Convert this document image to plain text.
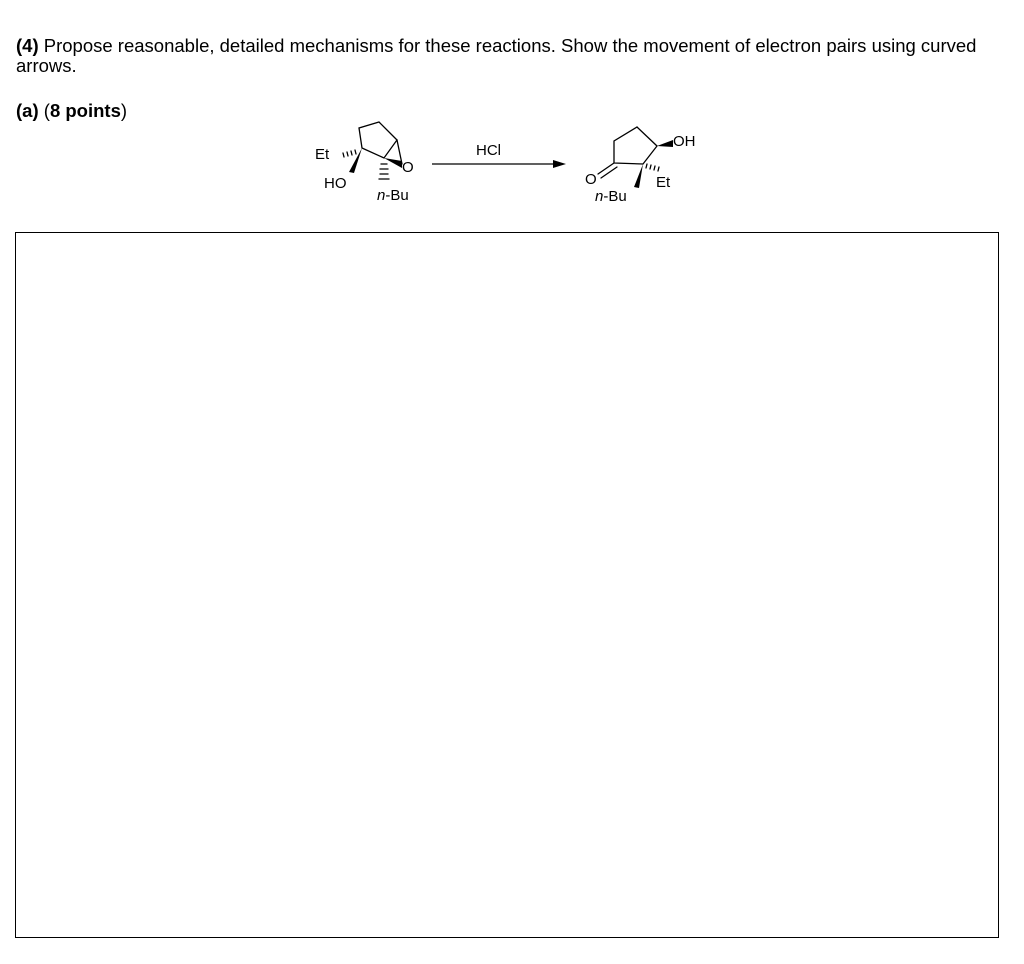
(4) Propose reasonable, detailed mechanisms for these reactions. Show the movement of electron pairs using curved arrows.
(a) (8 points)
Et
HO
O
n-Bu
HCl
OH
O	Et
n-Bu
